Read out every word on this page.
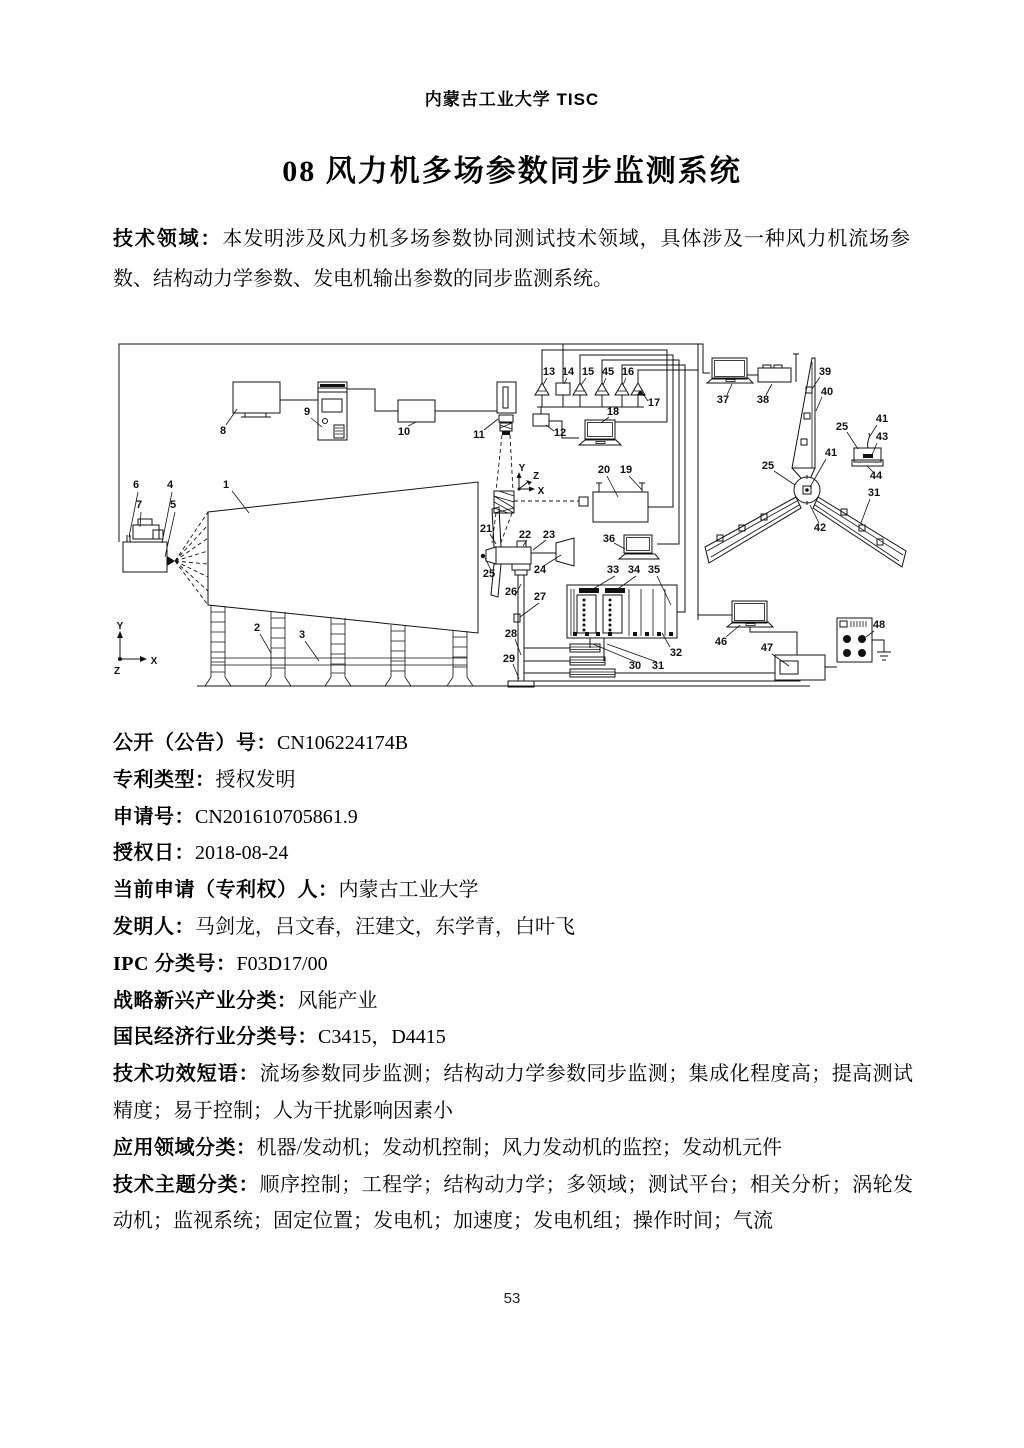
内蒙古工业大学 TISC
08 风力机多场参数同步监测系统

技术领域：本发明涉及风力机多场参数协同测试技术领域，具体涉及一种风力机流场参数、结构动力学参数、发电机输出参数的同步监测系统。

Y
Z
X
Y
X
Z
1
2
3
4
5
6
7
8
9
10	11	12
13 14 15 45 16
17
18
19
20
21 22 23
24
25
26 27
28
29
30 31
32
33 34 35
36
37	38
39
40
41
42
31
25
25
41
43
44
46	47
48

公开（公告）号：CN106224174B

专利类型：授权发明

申请号：CN201610705861.9

授权日：2018-08-24

当前申请（专利权）人：内蒙古工业大学

发明人：马剑龙，吕文春，汪建文，东学青，白叶飞

IPC 分类号：F03D17/00

战略新兴产业分类：风能产业

国民经济行业分类号：C3415，D4415

技术功效短语：流场参数同步监测；结构动力学参数同步监测；集成化程度高；提高测试精度；易于控制；人为干扰影响因素小

应用领域分类：机器/发动机；发动机控制；风力发动机的监控；发动机元件

技术主题分类：顺序控制；工程学；结构动力学；多领域；测试平台；相关分析；涡轮发动机；监视系统；固定位置；发电机；加速度；发电机组；操作时间；气流

53
